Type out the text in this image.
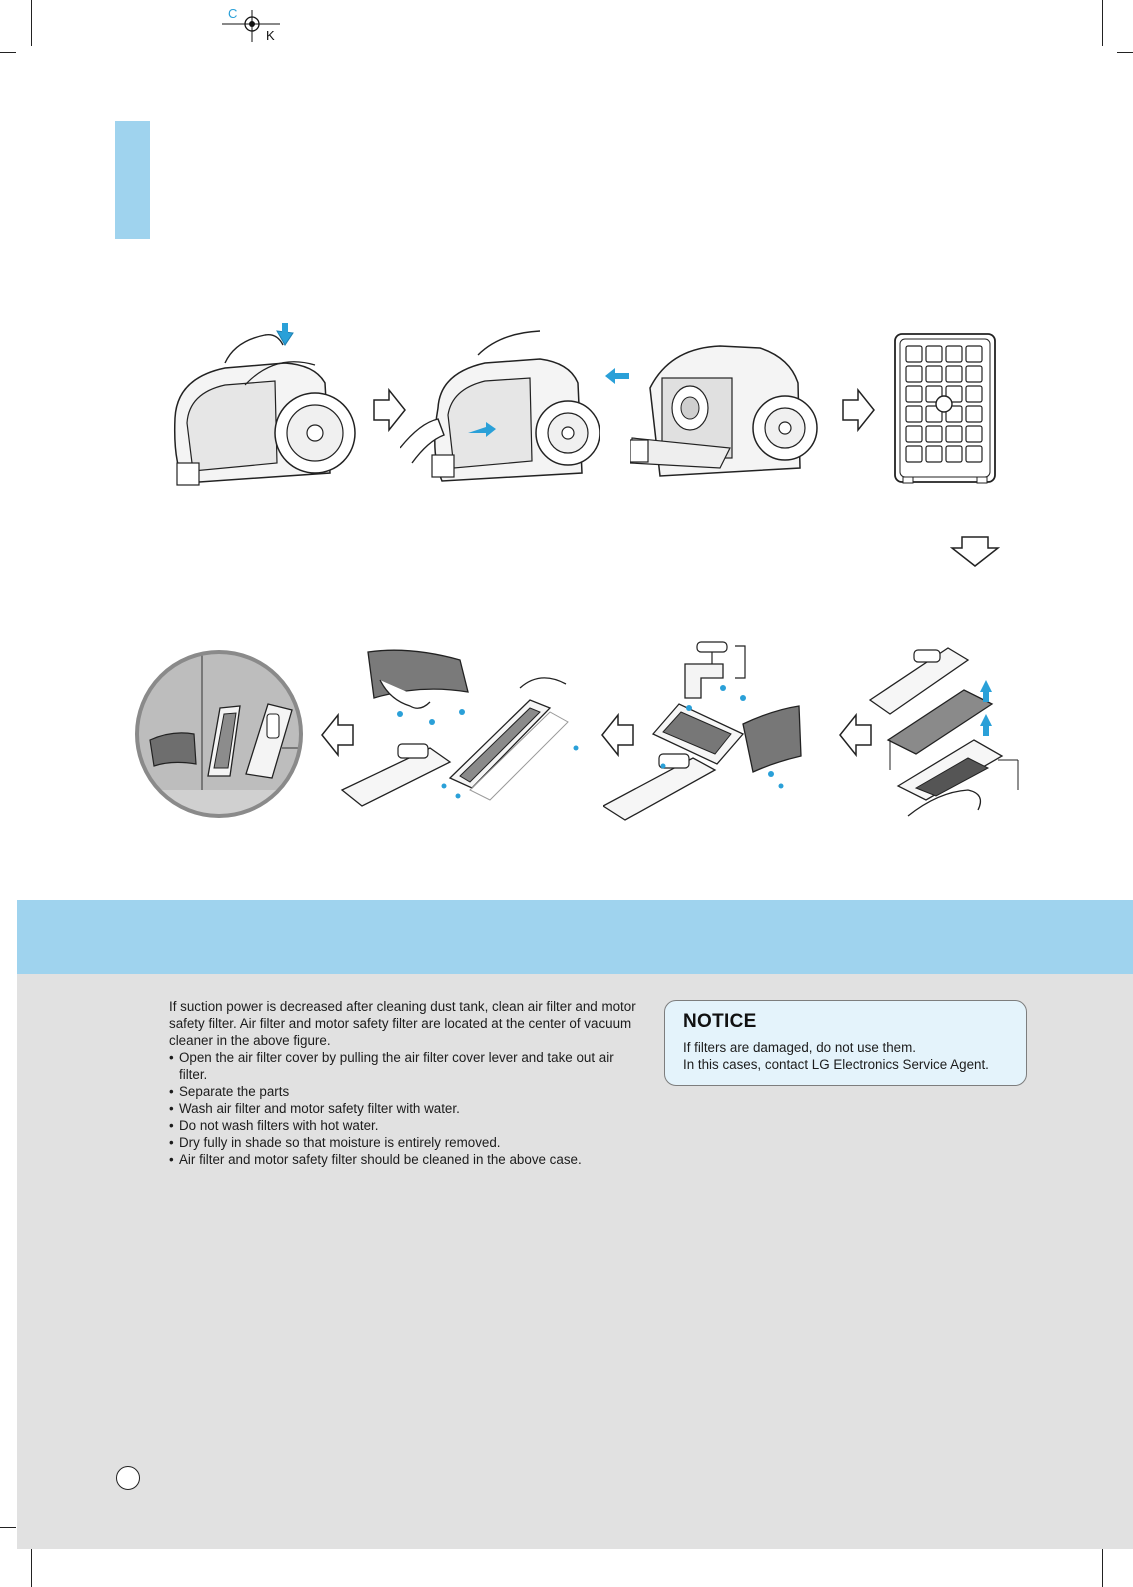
C
K

If suction power is decreased after cleaning dust tank, clean air filter and motor safety filter. Air filter and motor safety filter are located at the center of vacuum cleaner in the above figure.

• Open the air filter cover by pulling the air filter cover lever and take out air filter.
• Separate the parts
• Wash air filter and motor safety filter with water.
• Do not wash filters with hot water.
• Dry fully in shade so that moisture is entirely removed.
• Air filter and motor safety filter should be cleaned in the above case.
NOTICE
If filters are damaged, do not use them.
In this cases, contact LG Electronics Service Agent.
